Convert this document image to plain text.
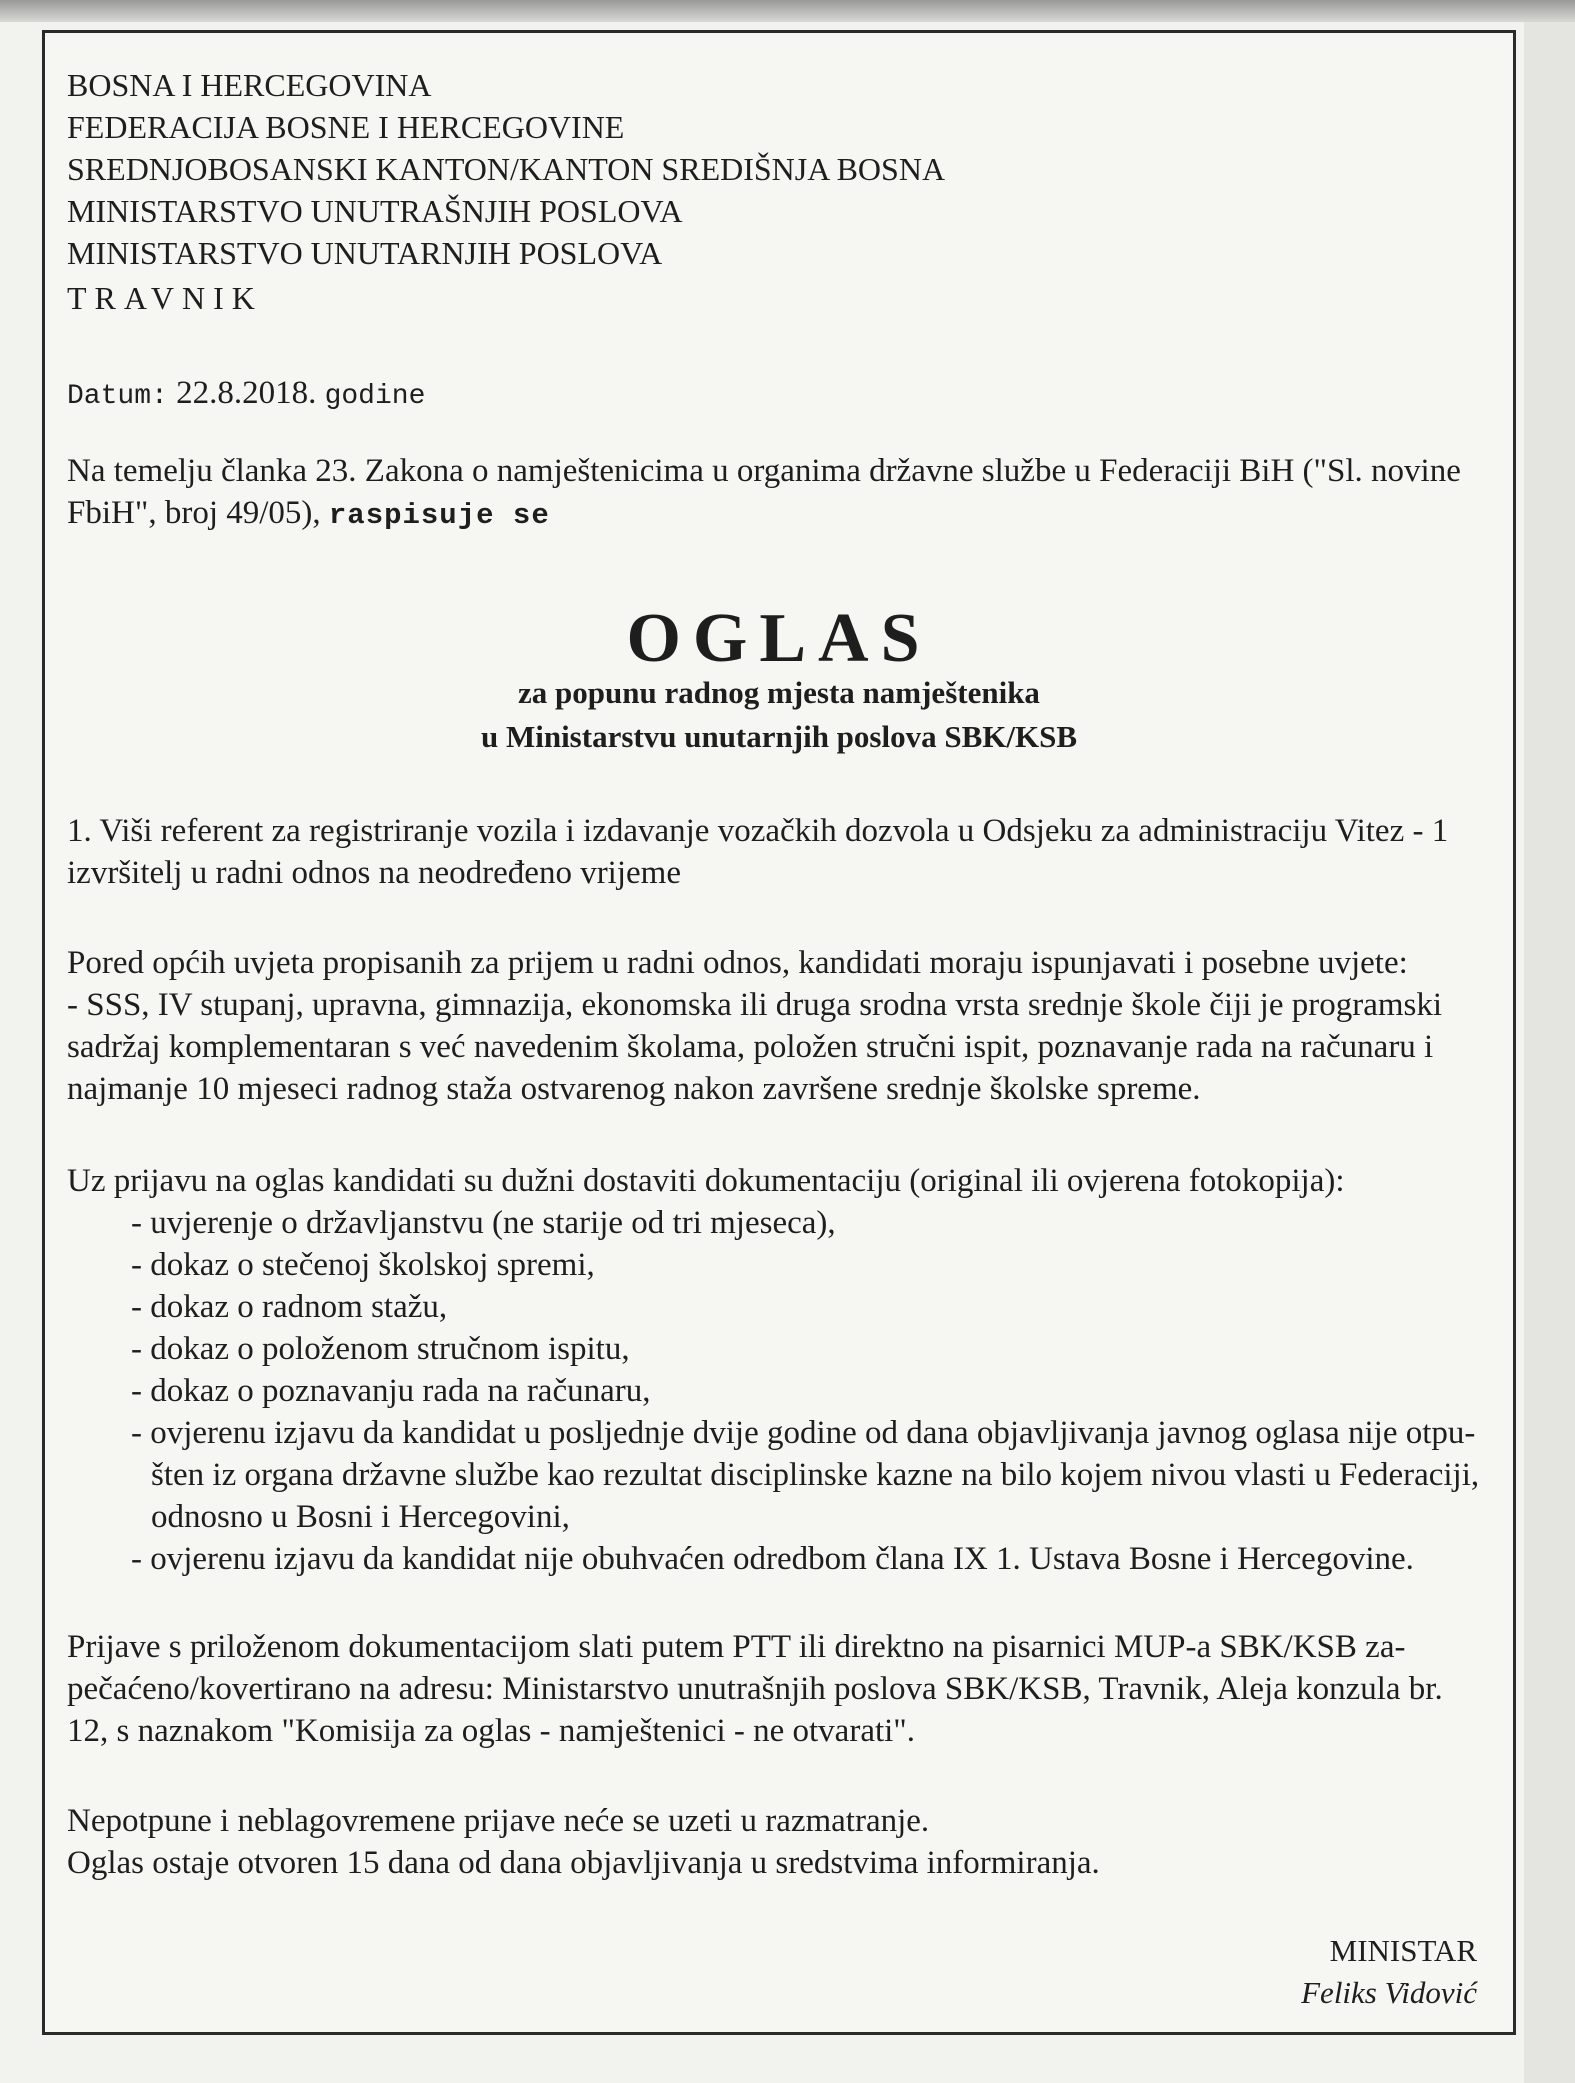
BOSNA I HERCEGOVINA
FEDERACIJA BOSNE I HERCEGOVINE
SREDNJOBOSANSKI KANTON/KANTON SREDIŠNJA BOSNA
MINISTARSTVO UNUTRAŠNJIH POSLOVA
MINISTARSTVO UNUTARNJIH POSLOVA
TRAVNIK
Datum: 22.8.2018. godine
Na temelju članka 23. Zakona o namještenicima u organima državne službe u Federaciji BiH ("Sl. novine
FbiH", broj 49/05), raspisuje se
OGLAS
za popunu radnog mjesta namještenika
u Ministarstvu unutarnjih poslova SBK/KSB
1. Viši referent za registriranje vozila i izdavanje vozačkih dozvola u Odsjeku za administraciju Vitez - 1
izvršitelj u radni odnos na neodređeno vrijeme
Pored općih uvjeta propisanih za prijem u radni odnos, kandidati moraju ispunjavati i posebne uvjete:
- SSS, IV stupanj, upravna, gimnazija, ekonomska ili druga srodna vrsta srednje škole čiji je programski
sadržaj komplementaran s već navedenim školama, položen stručni ispit, poznavanje rada na računaru i
najmanje 10 mjeseci radnog staža ostvarenog nakon završene srednje školske spreme.
Uz prijavu na oglas kandidati su dužni dostaviti dokumentaciju (original ili ovjerena fotokopija):
- uvjerenje o državljanstvu (ne starije od tri mjeseca),
- dokaz o stečenoj školskoj spremi,
- dokaz o radnom stažu,
- dokaz o položenom stručnom ispitu,
- dokaz o poznavanju rada na računaru,
- ovjerenu izjavu da kandidat u posljednje dvije godine od dana objavljivanja javnog oglasa nije otpu-
šten iz organa državne službe kao rezultat disciplinske kazne na bilo kojem nivou vlasti u Federaciji,
odnosno u Bosni i Hercegovini,
- ovjerenu izjavu da kandidat nije obuhvaćen odredbom člana IX 1. Ustava Bosne i Hercegovine.
Prijave s priloženom dokumentacijom slati putem PTT ili direktno na pisarnici MUP-a SBK/KSB za-
pečaćeno/kovertirano na adresu: Ministarstvo unutrašnjih poslova SBK/KSB, Travnik, Aleja konzula br.
12, s naznakom "Komisija za oglas - namještenici - ne otvarati".
Nepotpune i neblagovremene prijave neće se uzeti u razmatranje.
Oglas ostaje otvoren 15 dana od dana objavljivanja u sredstvima informiranja.
MINISTAR
Feliks Vidović
